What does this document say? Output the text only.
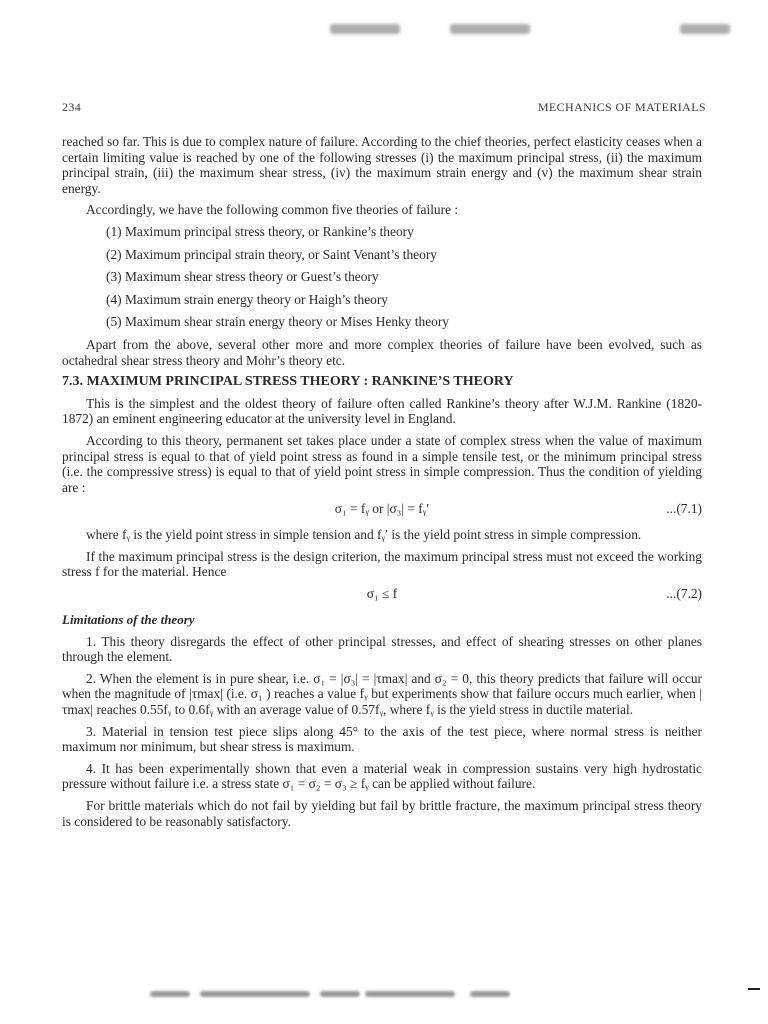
234	MECHANICS OF MATERIALS

reached so far. This is due to complex nature of failure. According to the chief theories, perfect elasticity ceases when a certain limiting value is reached by one of the following stresses (i) the maximum principal stress, (ii) the maximum principal strain, (iii) the maximum shear stress, (iv) the maximum strain energy and (v) the maximum shear strain energy.

Accordingly, we have the following common five theories of failure :

(1) Maximum principal stress theory, or Rankine’s theory
(2) Maximum principal strain theory, or Saint Venant’s theory
(3) Maximum shear stress theory or Guest’s theory
(4) Maximum strain energy theory or Haigh’s theory
(5) Maximum shear strain energy theory or Mises Henky theory

Apart from the above, several other more and more complex theories of failure have been evolved, such as octahedral shear stress theory and Mohr’s theory etc.

7.3. MAXIMUM PRINCIPAL STRESS THEORY : RANKINE’S THEORY

This is the simplest and the oldest theory of failure often called Rankine’s theory after W.J.M. Rankine (1820-1872) an eminent engineering educator at the university level in England.

According to this theory, permanent set takes place under a state of complex stress when the value of maximum principal stress is equal to that of yield point stress as found in a simple tensile test, or the minimum principal stress (i.e. the compressive stress) is equal to that of yield point stress in simple compression. Thus the condition of yielding are :

σ₁ = fᵧ or |σ₃| = fᵧ′	...(7.1)

where fᵧ is the yield point stress in simple tension and fᵧ′ is the yield point stress in simple compression.

If the maximum principal stress is the design criterion, the maximum principal stress must not exceed the working stress f for the material. Hence

σ₁ ≤ f	...(7.2)
Limitations of the theory

1. This theory disregards the effect of other principal stresses, and effect of shearing stresses on other planes through the element.

2. When the element is in pure shear, i.e. σ₁ = |σ₃| = |τmax| and σ₂ = 0, this theory predicts that failure will occur when the magnitude of |τmax| (i.e. σ₁ ) reaches a value fᵧ but experiments show that failure occurs much earlier, when |τmax| reaches 0.55fᵧ to 0.6fᵧ with an average value of 0.57fᵧ, where fᵧ is the yield stress in ductile material.

3. Material in tension test piece slips along 45° to the axis of the test piece, where normal stress is neither maximum nor minimum, but shear stress is maximum.

4. It has been experimentally shown that even a material weak in compression sustains very high hydrostatic pressure without failure i.e. a stress state σ₁ = σ₂ = σ₃ ≥ fᵧ can be applied without failure.

For brittle materials which do not fail by yielding but fail by brittle fracture, the maximum principal stress theory is considered to be reasonably satisfactory.
